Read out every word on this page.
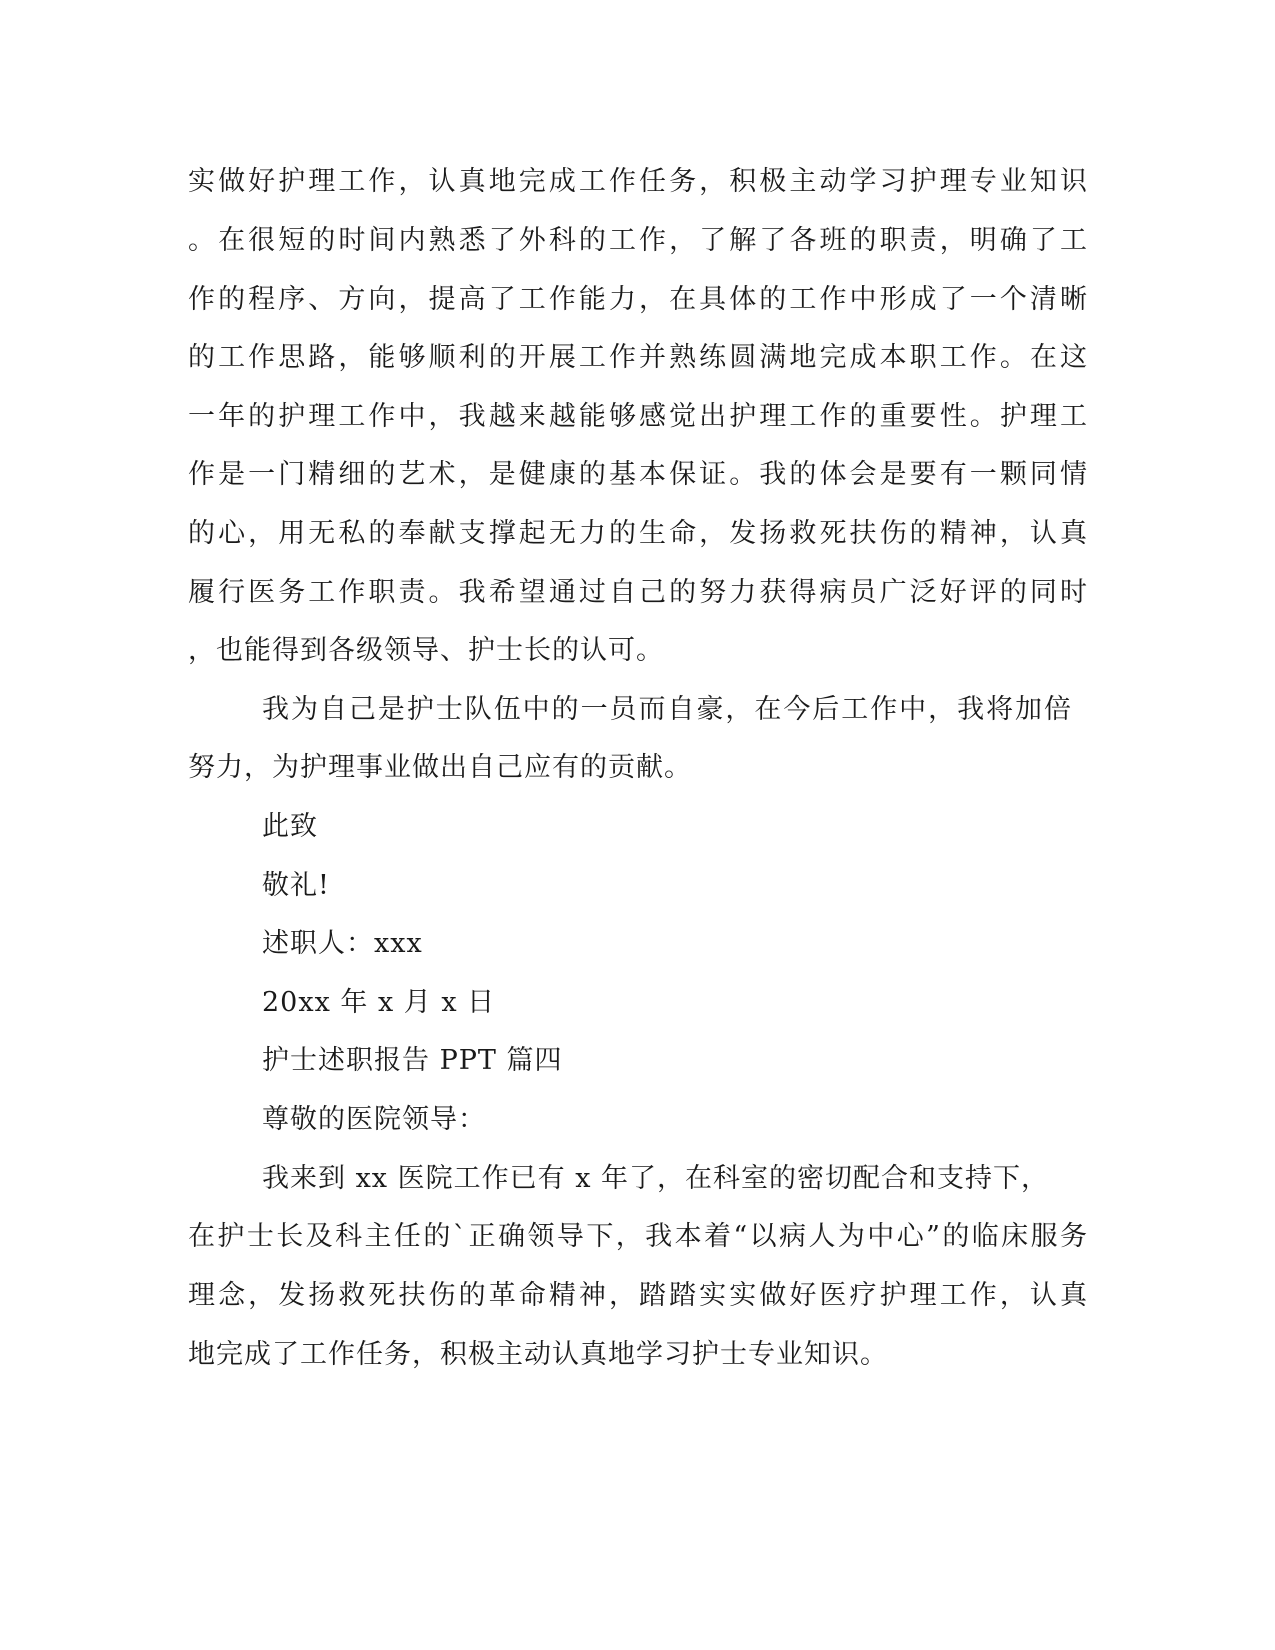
实做好护理工作，认真地完成工作任务，积极主动学习护理专业知识
。在很短的时间内熟悉了外科的工作，了解了各班的职责，明确了工
作的程序、方向，提高了工作能力，在具体的工作中形成了一个清晰
的工作思路，能够顺利的开展工作并熟练圆满地完成本职工作。在这
一年的护理工作中，我越来越能够感觉出护理工作的重要性。护理工
作是一门精细的艺术，是健康的基本保证。我的体会是要有一颗同情
的心，用无私的奉献支撑起无力的生命，发扬救死扶伤的精神，认真
履行医务工作职责。我希望通过自己的努力获得病员广泛好评的同时
，也能得到各级领导、护士长的认可。
我为自己是护士队伍中的一员而自豪，在今后工作中，我将加倍
努力，为护理事业做出自己应有的贡献。
此致
敬礼!
述职人：xxx
20xx 年 x 月 x 日
护士述职报告 PPT 篇四
尊敬的医院领导：
我来到 xx 医院工作已有 x 年了，在科室的密切配合和支持下，
在护士长及科主任的`正确领导下，我本着“以病人为中心”的临床服务
理念，发扬救死扶伤的革命精神，踏踏实实做好医疗护理工作，认真
地完成了工作任务，积极主动认真地学习护士专业知识。
